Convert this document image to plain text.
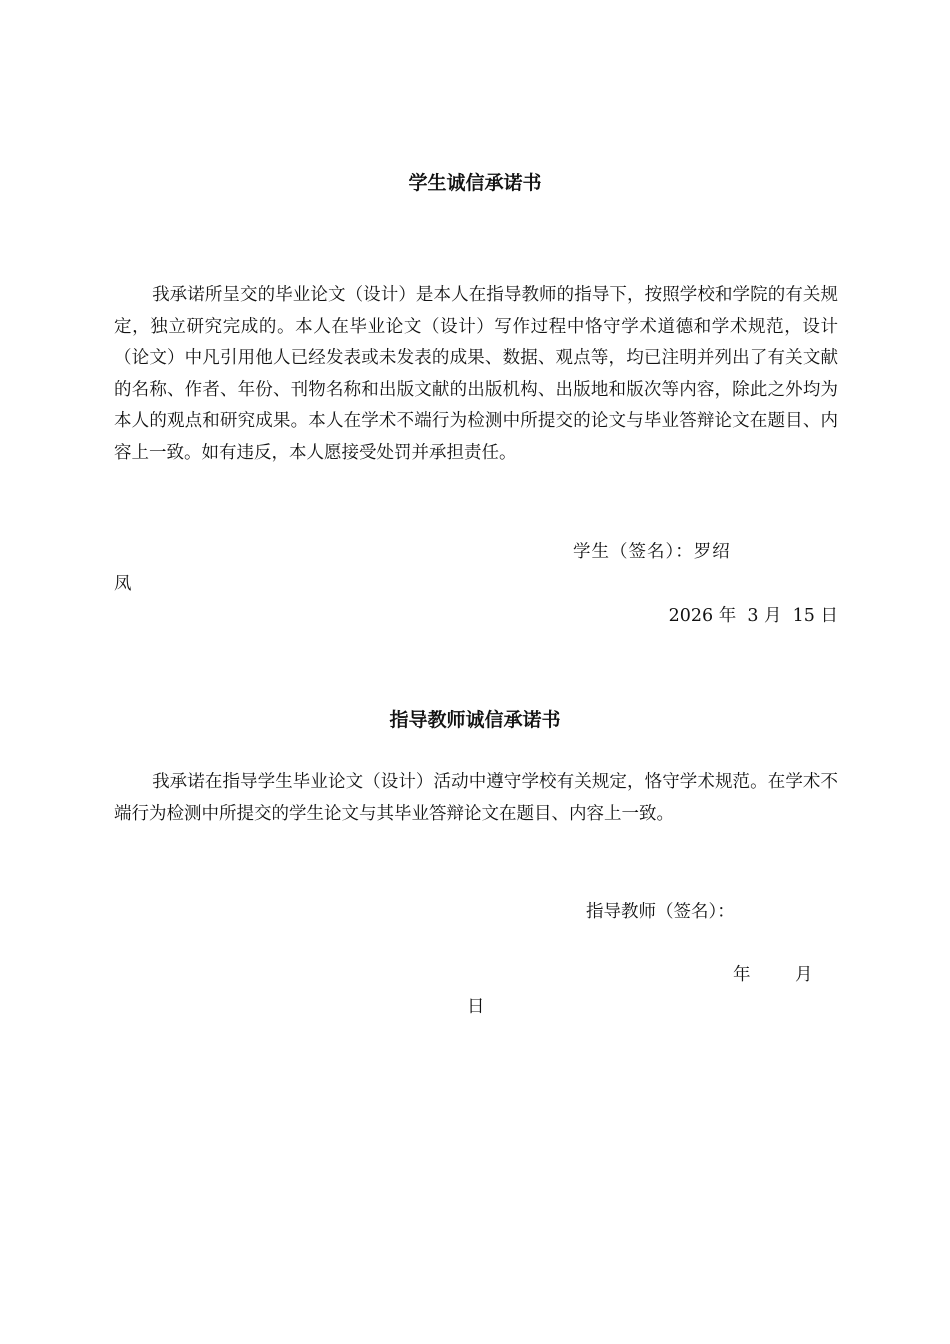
学生诚信承诺书
我承诺所呈交的毕业论文（设计）是本人在指导教师的指导下，按照学校和学院的有关规定，独立研究完成的。本人在毕业论文（设计）写作过程中恪守学术道德和学术规范，设计（论文）中凡引用他人已经发表或未发表的成果、数据、观点等，均已注明并列出了有关文献的名称、作者、年份、刊物名称和出版文献的出版机构、出版地和版次等内容，除此之外均为本人的观点和研究成果。本人在学术不端行为检测中所提交的论文与毕业答辩论文在题目、内容上一致。如有违反，本人愿接受处罚并承担责任。
学生（签名）：罗绍
凤
2026 年  3 月  15 日
指导教师诚信承诺书
我承诺在指导学生毕业论文（设计）活动中遵守学校有关规定，恪守学术规范。在学术不端行为检测中所提交的学生论文与其毕业答辩论文在题目、内容上一致。
指导教师（签名）：
年        月
日
